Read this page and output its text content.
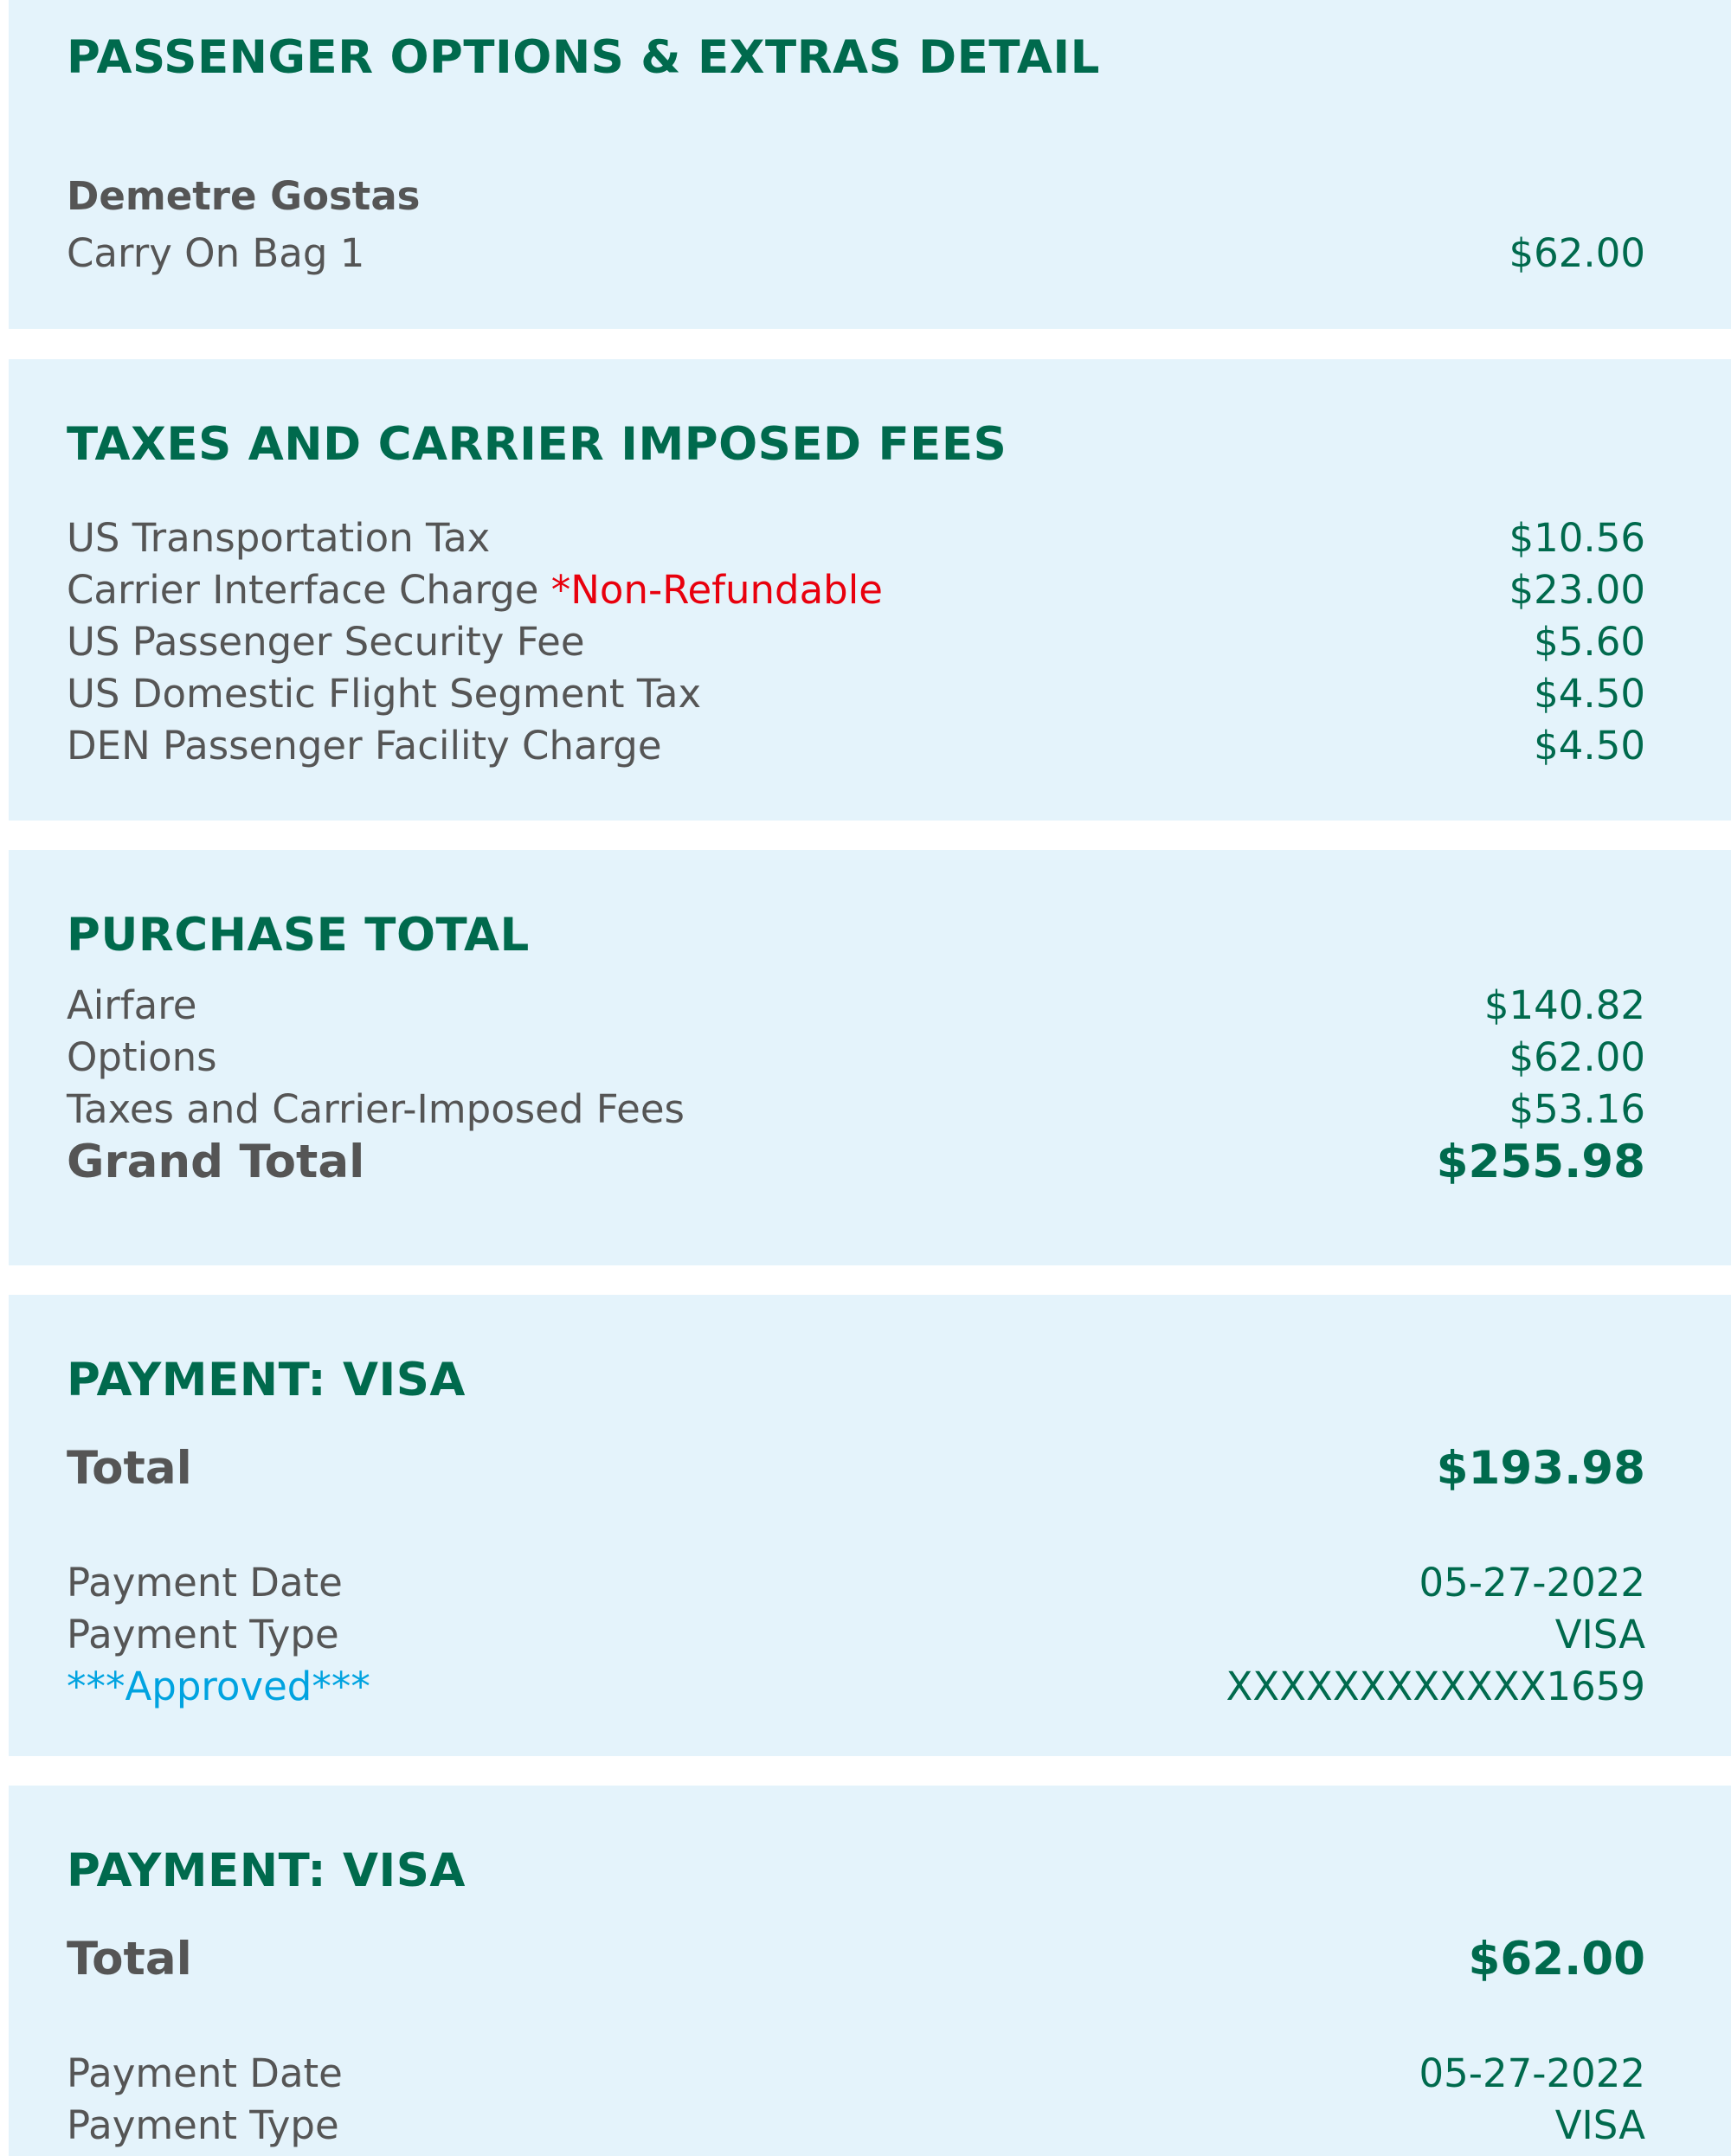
PASSENGER OPTIONS & EXTRAS DETAIL
Demetre Gostas
Carry On Bag 1	$62.00
TAXES AND CARRIER IMPOSED FEES
US Transportation Tax	$10.56
Carrier Interface Charge *Non-Refundable	$23.00
US Passenger Security Fee	$5.60
US Domestic Flight Segment Tax	$4.50
DEN Passenger Facility Charge	$4.50
PURCHASE TOTAL
Airfare	$140.82
Options	$62.00
Taxes and Carrier-Imposed Fees	$53.16
Grand Total	$255.98
PAYMENT: VISA
Total	$193.98
Payment Date	05-27-2022
Payment Type	VISA
***Approved***	XXXXXXXXXXXX1659
PAYMENT: VISA
Total	$62.00
Payment Date	05-27-2022
Payment Type	VISA
